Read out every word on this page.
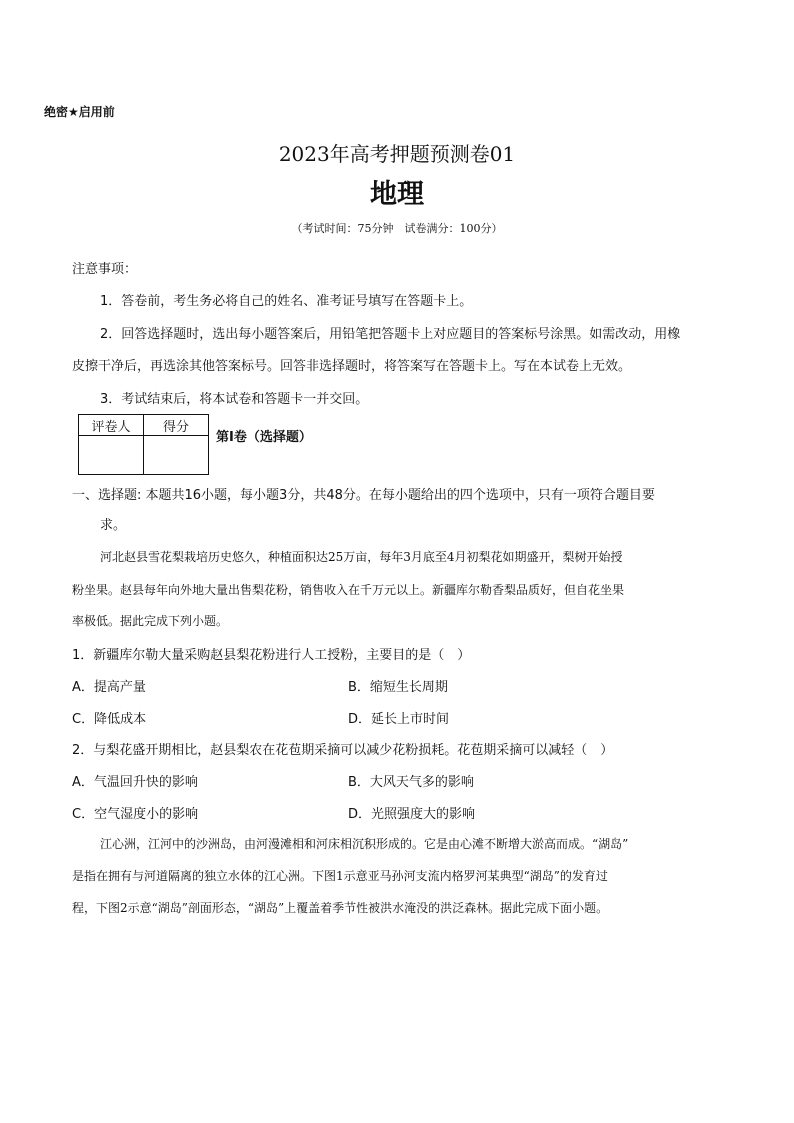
绝密★启用前
2023年高考押题预测卷01
地理
（考试时间：75分钟　试卷满分：100分）
注意事项：
1．答卷前，考生务必将自己的姓名、准考证号填写在答题卡上。
2．回答选择题时，选出每小题答案后，用铅笔把答题卡上对应题目的答案标号涂黑。如需改动，用橡
皮擦干净后，再选涂其他答案标号。回答非选择题时，将答案写在答题卡上。写在本试卷上无效。
3．考试结束后，将本试卷和答题卡一并交回。
评卷人	得分

第I卷（选择题）
一、选择题: 本题共16小题，每小题3分，共48分。在每小题给出的四个选项中，只有一项符合题目要
求。
河北赵县雪花梨栽培历史悠久，种植面积达25万亩，每年3月底至4月初梨花如期盛开，梨树开始授
粉坐果。赵县每年向外地大量出售梨花粉，销售收入在千万元以上。新疆库尔勒香梨品质好，但自花坐果
率极低。据此完成下列小题。
1．新疆库尔勒大量采购赵县梨花粉进行人工授粉，主要目的是（　）
A．提高产量	B．缩短生长周期
C．降低成本	D．延长上市时间
2．与梨花盛开期相比，赵县梨农在花苞期采摘可以减少花粉损耗。花苞期采摘可以减轻（　）
A．气温回升快的影响	B．大风天气多的影响
C．空气湿度小的影响	D．光照强度大的影响
江心洲，江河中的沙洲岛，由河漫滩相和河床相沉积形成的。它是由心滩不断增大淤高而成。“湖岛”
是指在拥有与河道隔离的独立水体的江心洲。下图1示意亚马孙河支流内格罗河某典型“湖岛”的发育过
程，下图2示意“湖岛”剖面形态，“湖岛”上覆盖着季节性被洪水淹没的洪泛森林。据此完成下面小题。
